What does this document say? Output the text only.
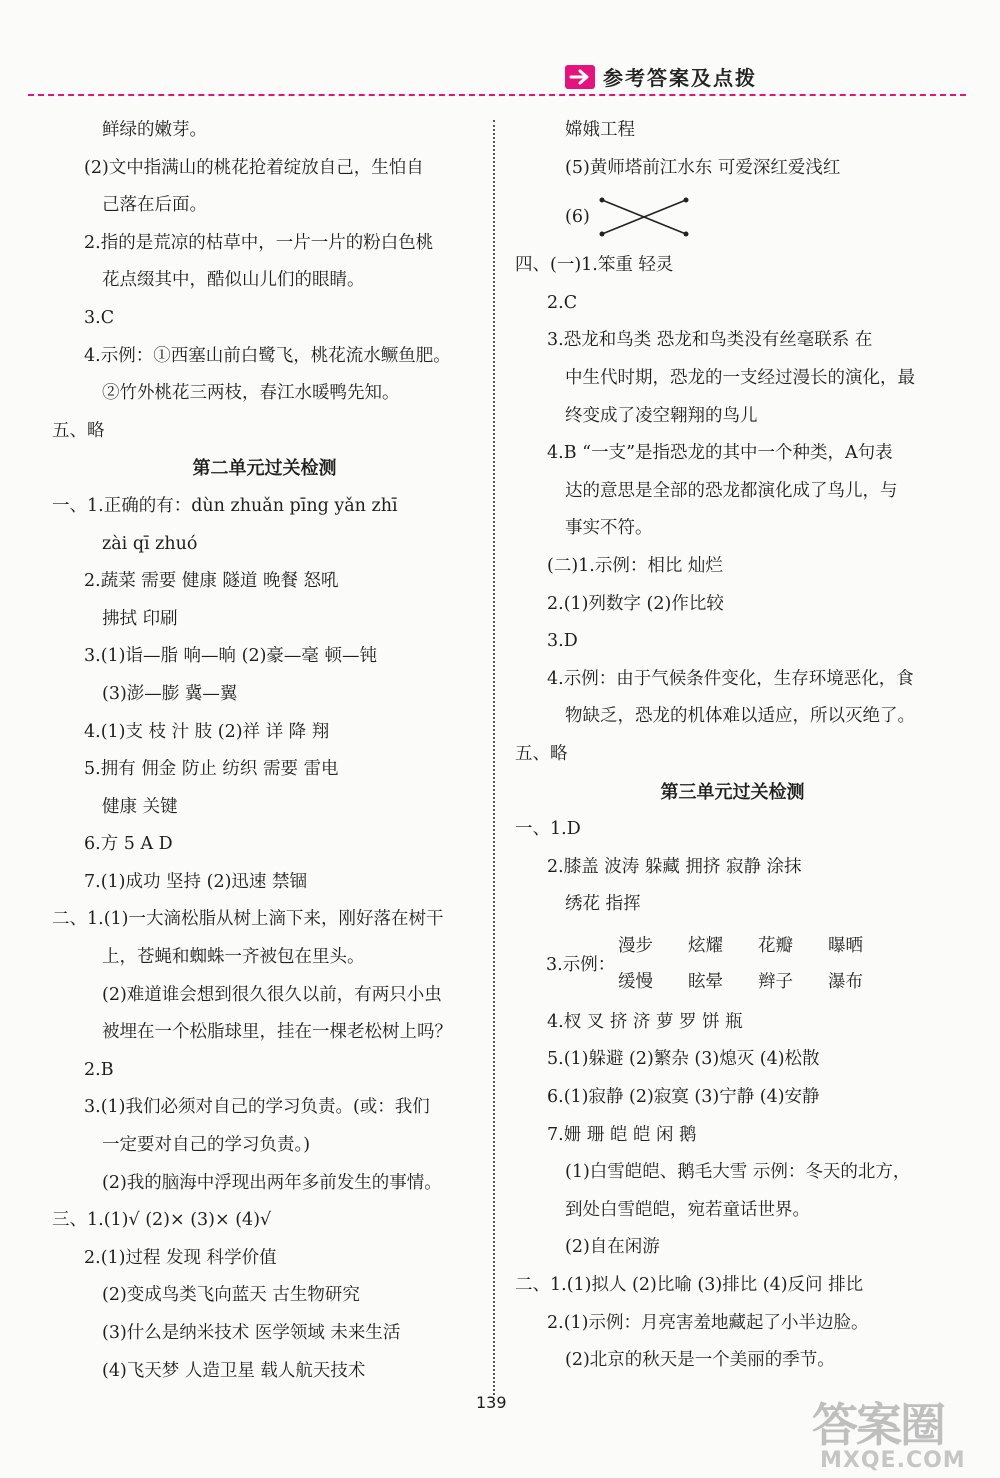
参考答案及点拨
鲜绿的嫩芽。
(2)文中指满山的桃花抢着绽放自己，生怕自
己落在后面。
2.指的是荒凉的枯草中，一片一片的粉白色桃
花点缀其中，酷似山儿们的眼睛。
3.C
4.示例：①西塞山前白鹭飞，桃花流水鳜鱼肥。
②竹外桃花三两枝，春江水暖鸭先知。
五、略
第二单元过关检测
一、1.正确的有：dùn zhuǎn pīng yǎn zhī
zài qī zhuó
2.蔬菜 需要 健康 隧道 晚餐 怒吼
拂拭 印刷
3.(1)诣—脂 响—晌 (2)豪—毫 顿—钝
(3)澎—膨 冀—翼
4.(1)支 枝 汁 肢 (2)祥 详 降 翔
5.拥有 佣金 防止 纺织 需要 雷电
健康 关键
6.方 5 A D
7.(1)成功 坚持 (2)迅速 禁锢
二、1.(1)一大滴松脂从树上滴下来，刚好落在树干
上，苍蝇和蜘蛛一齐被包在里头。
(2)难道谁会想到很久很久以前，有两只小虫
被埋在一个松脂球里，挂在一棵老松树上吗？
2.B
3.(1)我们必须对自己的学习负责。(或：我们
一定要对自己的学习负责。)
(2)我的脑海中浮现出两年多前发生的事情。
三、1.(1)√ (2)× (3)× (4)√
2.(1)过程 发现 科学价值
(2)变成鸟类飞向蓝天 古生物研究
(3)什么是纳米技术 医学领域 未来生活
(4)飞天梦 人造卫星 载人航天技术
嫦娥工程
(5)黄师塔前江水东 可爱深红爱浅红
(6)
四、(一)1.笨重 轻灵
2.C
3.恐龙和鸟类 恐龙和鸟类没有丝毫联系 在
中生代时期，恐龙的一支经过漫长的演化，最
终变成了凌空翱翔的鸟儿
4.B “一支”是指恐龙的其中一个种类，A句表
达的意思是全部的恐龙都演化成了鸟儿，与
事实不符。
(二)1.示例：相比 灿烂
2.(1)列数字 (2)作比较
3.D
4.示例：由于气候条件变化，生存环境恶化，食
物缺乏，恐龙的机体难以适应，所以灭绝了。
五、略
第三单元过关检测
一、1.D
2.膝盖 波涛 躲藏 拥挤 寂静 涂抹
绣花 指挥
3.示例：
漫步	炫耀	花瓣	曝晒
缓慢	眩晕	辫子	瀑布
4.杈 叉 挤 济 萝 罗 饼 瓶
5.(1)躲避 (2)繁杂 (3)熄灭 (4)松散
6.(1)寂静 (2)寂寞 (3)宁静 (4)安静
7.姗 珊 皑 皑 闲 鹅
(1)白雪皑皑、鹅毛大雪 示例：冬天的北方，
到处白雪皑皑，宛若童话世界。
(2)自在闲游
二、1.(1)拟人 (2)比喻 (3)排比 (4)反问 排比
2.(1)示例：月亮害羞地藏起了小半边脸。
(2)北京的秋天是一个美丽的季节。
139	答案圈
MXQE.COM
